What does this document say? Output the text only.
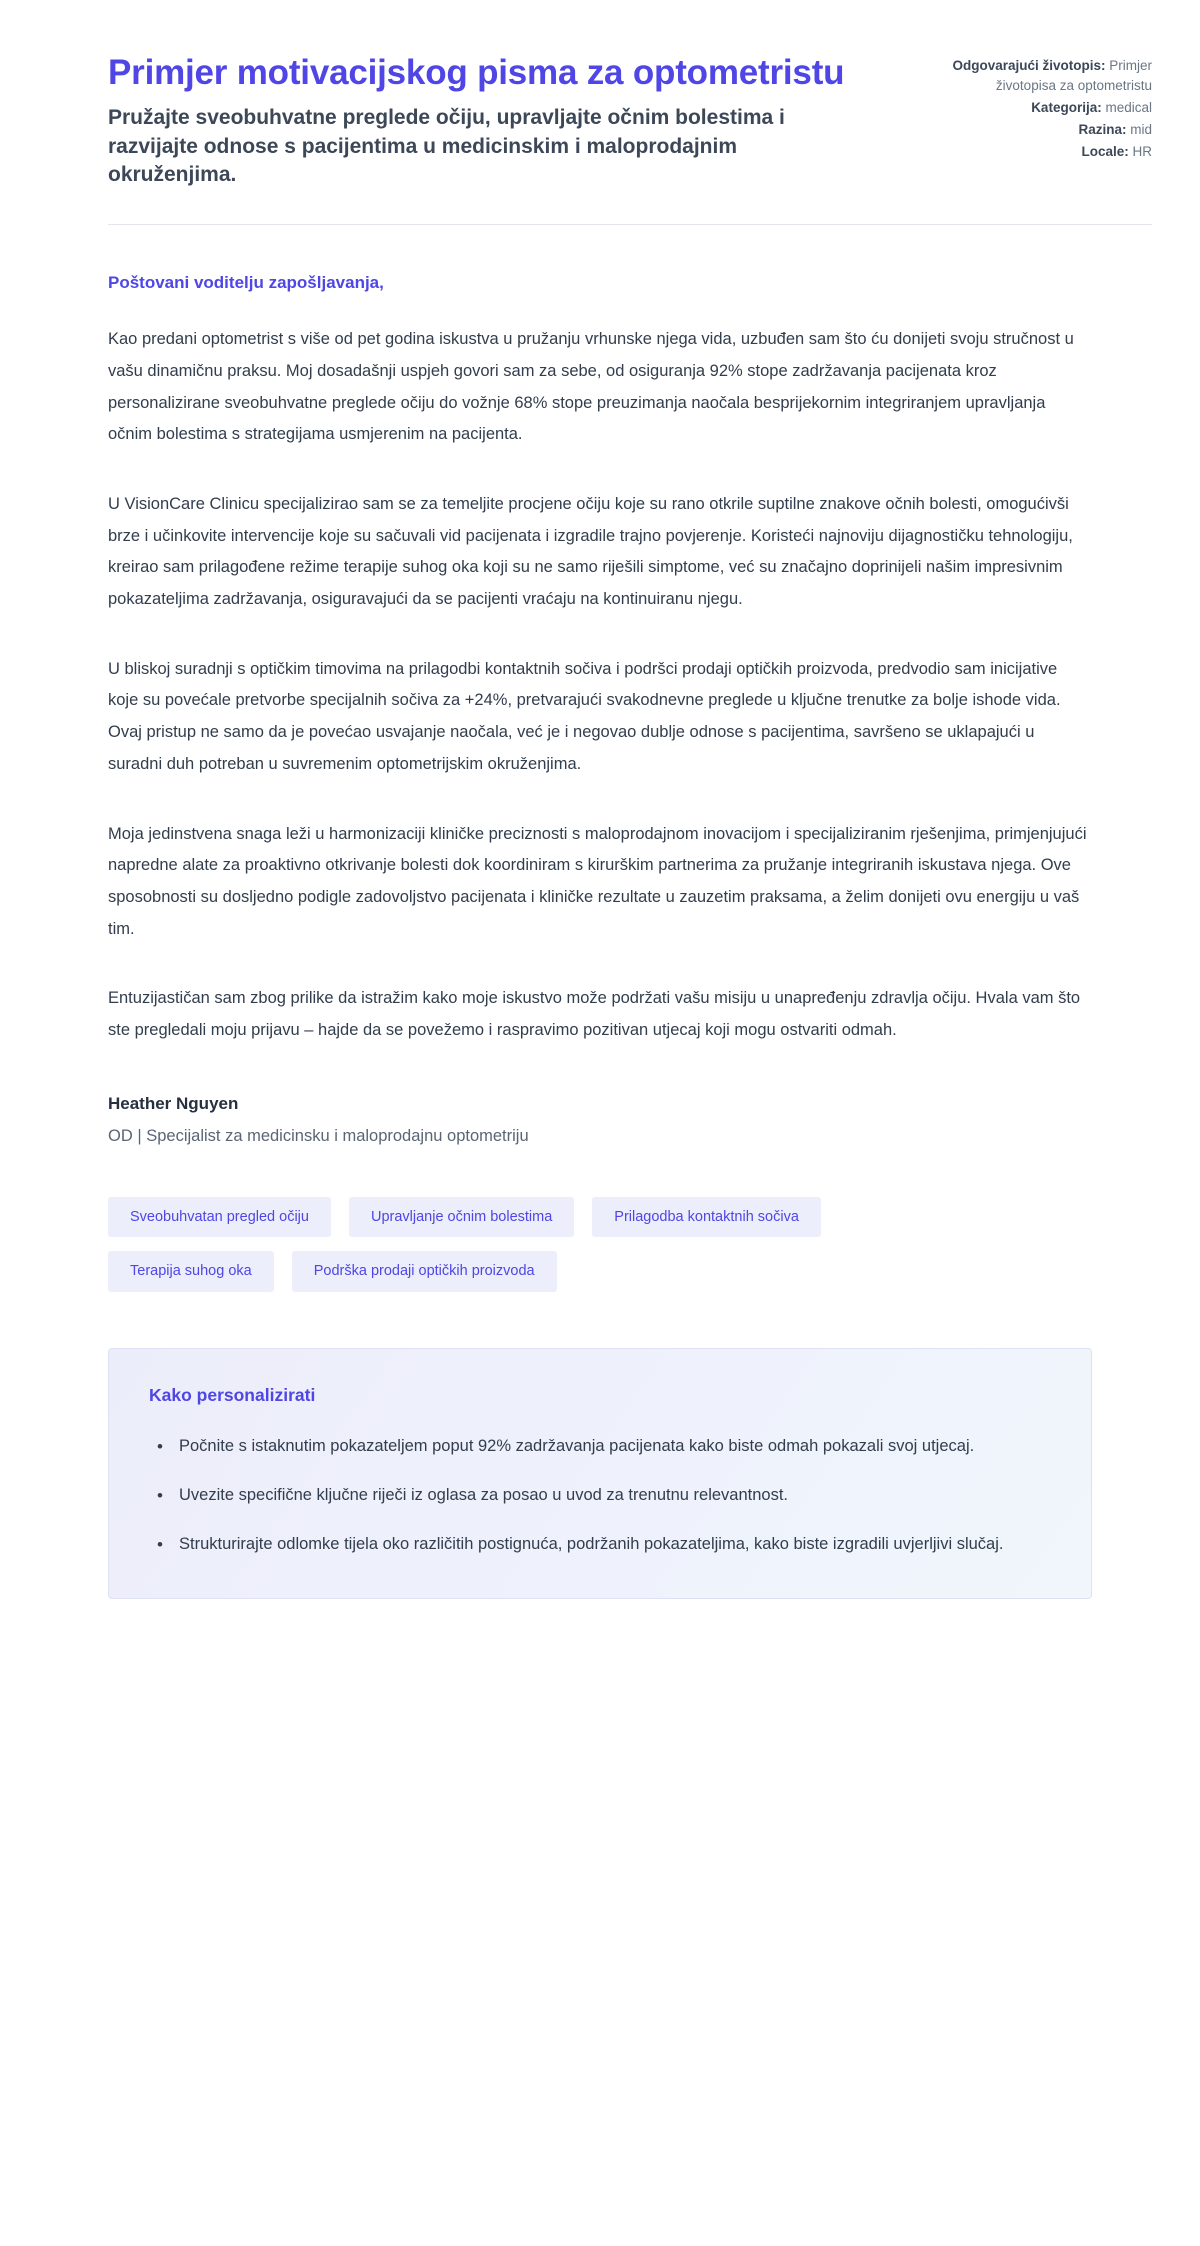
Primjer motivacijskog pisma za optometristu

Pružajte sveobuhvatne preglede očiju, upravljajte očnim bolestima i razvijajte odnose s pacijentima u medicinskim i maloprodajnim okruženjima.

Odgovarajući životopis: Primjer životopisa za optometristu
Kategorija: medical
Razina: mid
Locale: HR

Poštovani voditelju zapošljavanja,

Kao predani optometrist s više od pet godina iskustva u pružanju vrhunske njega vida, uzbuđen sam što ću donijeti svoju stručnost u vašu dinamičnu praksu. Moj dosadašnji uspjeh govori sam za sebe, od osiguranja 92% stope zadržavanja pacijenata kroz personalizirane sveobuhvatne preglede očiju do vožnje 68% stope preuzimanja naočala besprijekornim integriranjem upravljanja očnim bolestima s strategijama usmjerenim na pacijenta.

U VisionCare Clinicu specijalizirao sam se za temeljite procjene očiju koje su rano otkrile suptilne znakove očnih bolesti, omogućivši brze i učinkovite intervencije koje su sačuvali vid pacijenata i izgradile trajno povjerenje. Koristeći najnoviju dijagnostičku tehnologiju, kreirao sam prilagođene režime terapije suhog oka koji su ne samo riješili simptome, već su značajno doprinijeli našim impresivnim pokazateljima zadržavanja, osiguravajući da se pacijenti vraćaju na kontinuiranu njegu.

U bliskoj suradnji s optičkim timovima na prilagodbi kontaktnih sočiva i podršci prodaji optičkih proizvoda, predvodio sam inicijative koje su povećale pretvorbe specijalnih sočiva za +24%, pretvarajući svakodnevne preglede u ključne trenutke za bolje ishode vida. Ovaj pristup ne samo da je povećao usvajanje naočala, već je i negovao dublje odnose s pacijentima, savršeno se uklapajući u suradni duh potreban u suvremenim optometrijskim okruženjima.

Moja jedinstvena snaga leži u harmonizaciji kliničke preciznosti s maloprodajnom inovacijom i specijaliziranim rješenjima, primjenjujući napredne alate za proaktivno otkrivanje bolesti dok koordiniram s kirurškim partnerima za pružanje integriranih iskustava njega. Ove sposobnosti su dosljedno podigle zadovoljstvo pacijenata i kliničke rezultate u zauzetim praksama, a želim donijeti ovu energiju u vaš tim.

Entuzijastičan sam zbog prilike da istražim kako moje iskustvo može podržati vašu misiju u unapređenju zdravlja očiju. Hvala vam što ste pregledali moju prijavu – hajde da se povežemo i raspravimo pozitivan utjecaj koji mogu ostvariti odmah.

Heather Nguyen

OD | Specijalist za medicinsku i maloprodajnu optometriju

Sveobuhvatan pregled očiju	Upravljanje očnim bolestima	Prilagodba kontaktnih sočiva
Terapija suhog oka	Podrška prodaji optičkih proizvoda
Kako personalizirati
• Počnite s istaknutim pokazateljem poput 92% zadržavanja pacijenata kako biste odmah pokazali svoj utjecaj.
• Uvezite specifične ključne riječi iz oglasa za posao u uvod za trenutnu relevantnost.
• Strukturirajte odlomke tijela oko različitih postignuća, podržanih pokazateljima, kako biste izgradili uvjerljivi slučaj.
